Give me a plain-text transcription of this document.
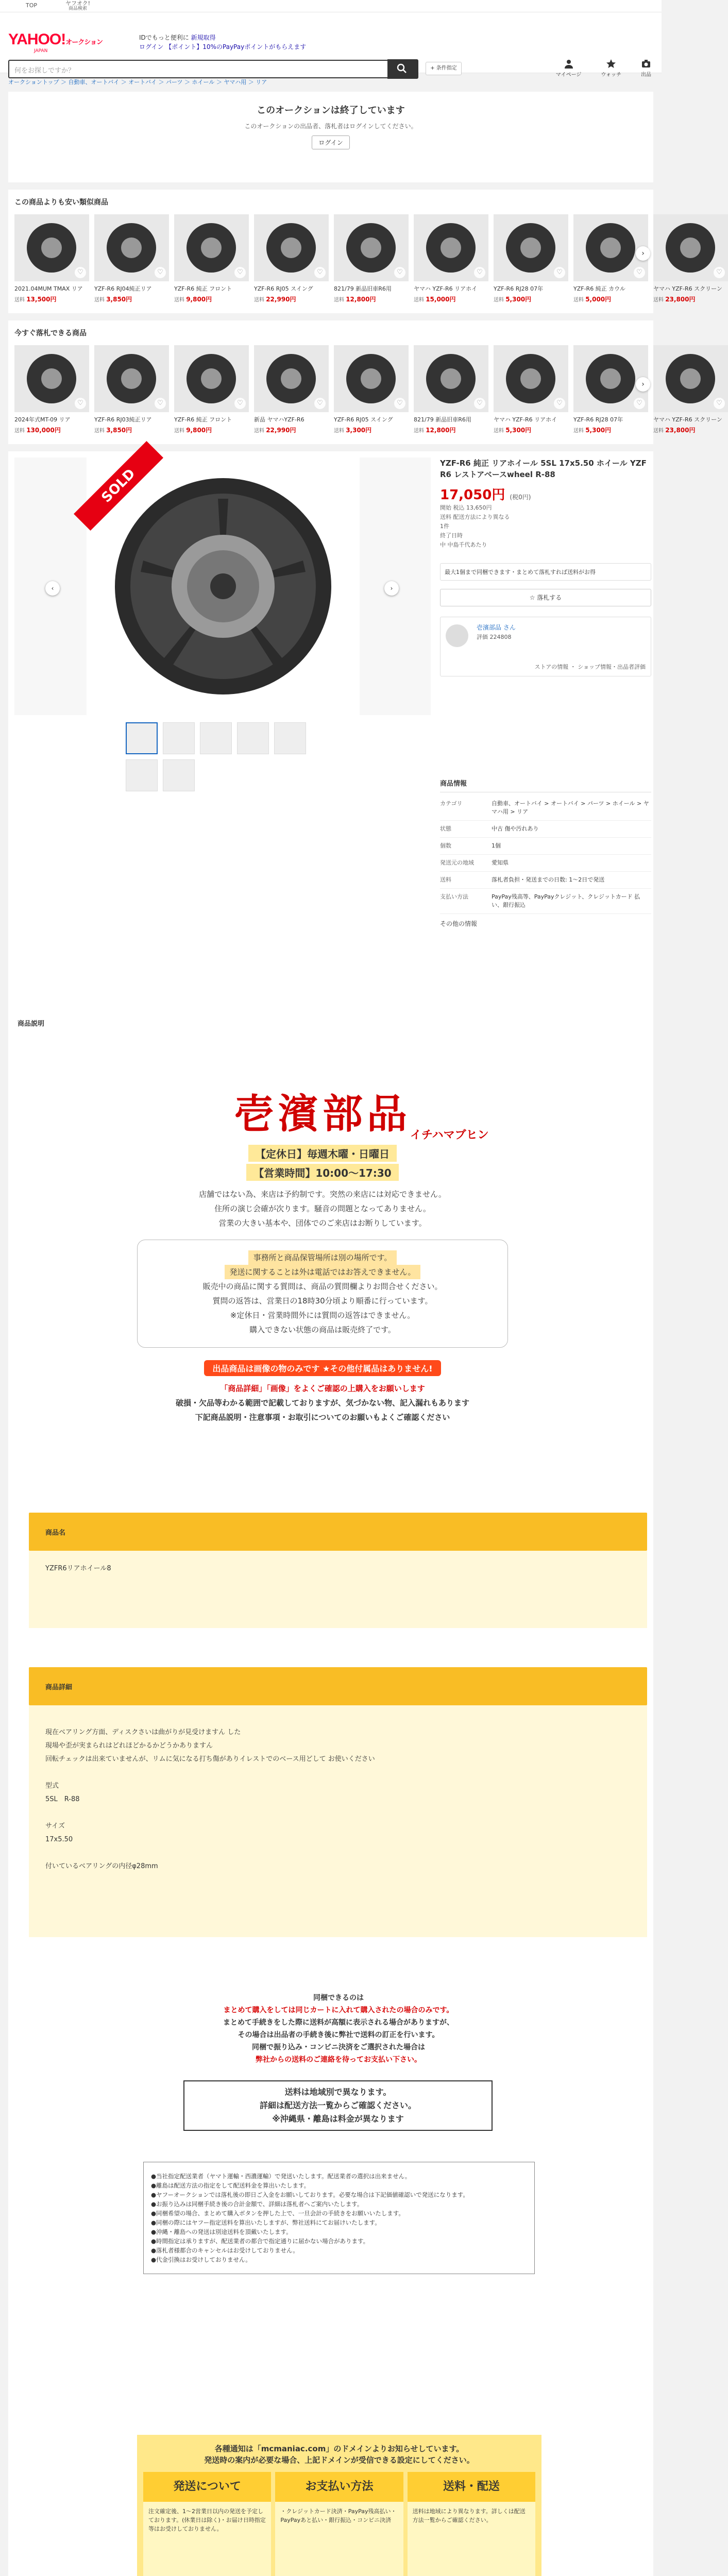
TOP	ヤフオク!
商品検索
YAHOO!オークション
JAPAN
IDでもっと便利に 新規取得
ログイン 【ポイント】10%のPayPayポイントがもらえます
何をお探しですか？	+ 条件指定
マイページ	ウォッチ	出品
オークショントップ ＞ 自動車、オートバイ ＞ オートバイ ＞ パーツ ＞ ホイール ＞ ヤマハ用 ＞ リア
このオークションは終了しています

このオークションの出品者、落札者はログインしてください。

ログイン
この商品よりも安い類似商品
♡
2021.04MUM TMAX リア
送料 13,500円
♡
YZF-R6 RJ04純正リア
送料 3,850円
♡
YZF-R6 純正 フロント
送料 9,800円
♡
YZF-R6 RJ05 スイング
送料 22,990円
♡
821/79 新品旧車R6用
送料 12,800円
♡
ヤマハ YZF-R6 リアホイ
送料 15,000円
♡
YZF-R6 RJ28 07年
送料 5,300円
♡
YZF-R6 純正 カウル
送料 5,000円
♡
ヤマハ YZF-R6 スクリーン
送料 23,800円
›
今すぐ落札できる商品
♡
2024年式MT-09 リア
送料 130,000円
♡
YZF-R6 RJ03純正リア
送料 3,850円
♡
YZF-R6 純正 フロント
送料 9,800円
♡
新品 ヤマハYZF-R6
送料 22,990円
♡
YZF-R6 RJ05 スイング
送料 3,300円
♡
821/79 新品旧車R6用
送料 12,800円
♡
ヤマハ YZF-R6 リアホイ
送料 5,300円
♡
YZF-R6 RJ28 07年
送料 5,300円
♡
ヤマハ YZF-R6 スクリーン
送料 23,800円
›
SOLD
‹	›
YZF-R6 純正 リアホイール 5SL 17x5.50 ホイール YZF R6 レストアベースwheel R-88
17,050円 (税0円)
開始 税込 13,650円
送料 配送方法により異なる
1件
終了日時
中 中島千代あたり
最大1個まで同梱できます・まとめて落札すれば送料がお得
☆ 落札する
壱濱部品 さん
評価 224808
ストアの情報 ・ ショップ情報・出品者評価
商品情報
カテゴリ	自動車、オートバイ > オートバイ > パーツ > ホイール > ヤマハ用 > リア
状態	中古 傷や汚れあり
個数	1個
発送元の地域	愛知県
送料	落札者負担・発送までの日数: 1〜2日で発送
支払い方法	PayPay残高等、PayPayクレジット、クレジットカード 払い、銀行振込
その他の情報
商品説明
壱濱部品
イチハマブヒン
【定休日】毎週木曜・日曜日
【営業時間】10:00〜17:30
店舗ではない為、来店は予約制です。突然の来店には対応できません。
住所の演じ会確が次ります。騒音の問題となってありません。
営業の大きい基本や、団体でのご来店はお断りしています。
事務所と商品保管場所は別の場所です。
発送に関することは外は電話ではお答えできません。
販売中の商品に関する質問は、商品の質問欄よりお問合せください。
質問の返答は、営業日の18時30分頃より順番に行っています。
※定休日・営業時間外には質問の返答はできません。
購入できない状態の商品は販売終了です。
出品商品は画像の物のみです ★その他付属品はありません!
「商品詳細」「画像」をよくご確認の上購入をお願いします
破損・欠品等わかる範囲で記載しておりますが、気づかない物、記入漏れもあります
下記商品説明・注意事項・お取引についてのお願いもよくご確認ください
商品名
YZFR6リアホイール8
商品詳細
現在ベアリング方面、ディスクさいは曲がりが見受けますん した
現場や歪が実まられはどれほどかるかどうかありますん
回転チェックは出来ていませんが、リムに気になる打ち傷がありイレストでのベース用どして お使いください

型式
5SL　R-88

サイズ
17x5.50

付いているベアリングの内径φ28mm
同梱できるのは
まとめて購入をしては同じカートに入れて購入されたの場合のみです。
まとめて手続きをした際に送料が高額に表示される場合がありますが、
その場合は出品者の手続き後に弊社で送料の訂正を行います。
同梱で振り込み・コンビニ決済をご選択された場合は
弊社からの送料のご連絡を待ってお支払い下さい。
送料は地域別で異なります。
詳細は配送方法一覧からご確認ください。
※沖縄県・離島は料金が異なります
●当社指定配送業者（ヤマト運輸・西濃運輸）で発送いたします。配送業者の選択は出来ません。
●離島は配送方法の指定をして配送料金を算出いたします。
●ヤフーオークションでは落札後の即日ご入金をお願いしております。必要な場合は下記価値確認いで発送になります。
●お振り込みは同梱手続き後の合計金額で、詳細は落札者へご案内いたします。
●同梱希望の場合、まとめて購入ボタンを押した上で、一旦会計の手続きをお願いいたします。
●同梱の際にはヤフー指定送料を算出いたしますが、弊社送料にてお届けいたします。
●沖縄・離島への発送は別途送料を頂戴いたします。
●時間指定は承りますが、配送業者の都合で指定通りに届かない場合があります。
●落札者様都合のキャンセルはお受けしておりません。
●代金引換はお受けしておりません。
各種通知は「mcmaniac.com」のドメインよりお知らせしています。
発送時の案内が必要な場合、上記ドメインが受信できる設定にしてください。
発送について

注文確定後、1〜2営業日以内の発送を予定しております。(休業日は除く)・お届け日時指定等はお受けしておりません。

お支払い方法

・クレジットカード決済・PayPay残高払い・PayPayあと払い・銀行振込・コンビニ決済

送料・配送

送料は地域により異なります。詳しくは配送方法一覧からご確認ください。
